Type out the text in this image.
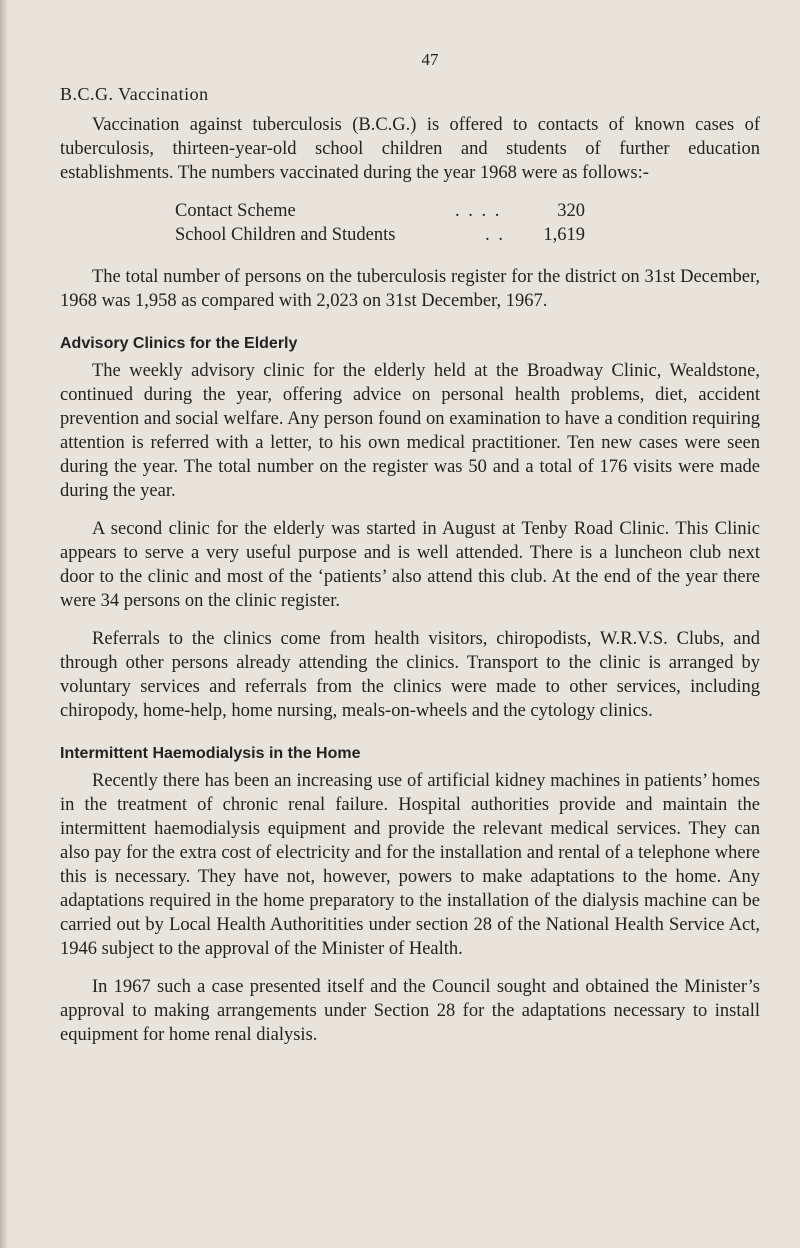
47
B.C.G. Vaccination

Vaccination against tuberculosis (B.C.G.) is offered to contacts of known cases of tuberculosis, thirteen-year-old school children and students of further education establishments. The numbers vaccinated during the year 1968 were as follows:-

Contact Scheme	. . . .	320
School Children and Students	. .	1,619

The total number of persons on the tuberculosis register for the district on 31st December, 1968 was 1,958 as compared with 2,023 on 31st December, 1967.

Advisory Clinics for the Elderly

The weekly advisory clinic for the elderly held at the Broadway Clinic, Wealdstone, continued during the year, offering advice on personal health problems, diet, accident prevention and social welfare. Any person found on examination to have a condition requiring attention is referred with a letter, to his own medical practitioner. Ten new cases were seen during the year. The total number on the register was 50 and a total of 176 visits were made during the year.

A second clinic for the elderly was started in August at Tenby Road Clinic. This Clinic appears to serve a very useful purpose and is well attended. There is a luncheon club next door to the clinic and most of the ‘patients’ also attend this club. At the end of the year there were 34 persons on the clinic register.

Referrals to the clinics come from health visitors, chiropodists, W.R.V.S. Clubs, and through other persons already attending the clinics. Transport to the clinic is arranged by voluntary services and referrals from the clinics were made to other services, including chiropody, home-help, home nursing, meals-on-wheels and the cytology clinics.

Intermittent Haemodialysis in the Home

Recently there has been an increasing use of artificial kidney machines in patients’ homes in the treatment of chronic renal failure. Hospital authorities provide and maintain the intermittent haemodialysis equipment and provide the relevant medical services. They can also pay for the extra cost of electricity and for the installation and rental of a telephone where this is necessary. They have not, however, powers to make adaptations to the home. Any adaptations required in the home preparatory to the installation of the dialysis machine can be carried out by Local Health Authoritities under section 28 of the National Health Service Act, 1946 subject to the approval of the Minister of Health.

In 1967 such a case presented itself and the Council sought and obtained the Minister’s approval to making arrangements under Section 28 for the adaptations necessary to install equipment for home renal dialysis.
